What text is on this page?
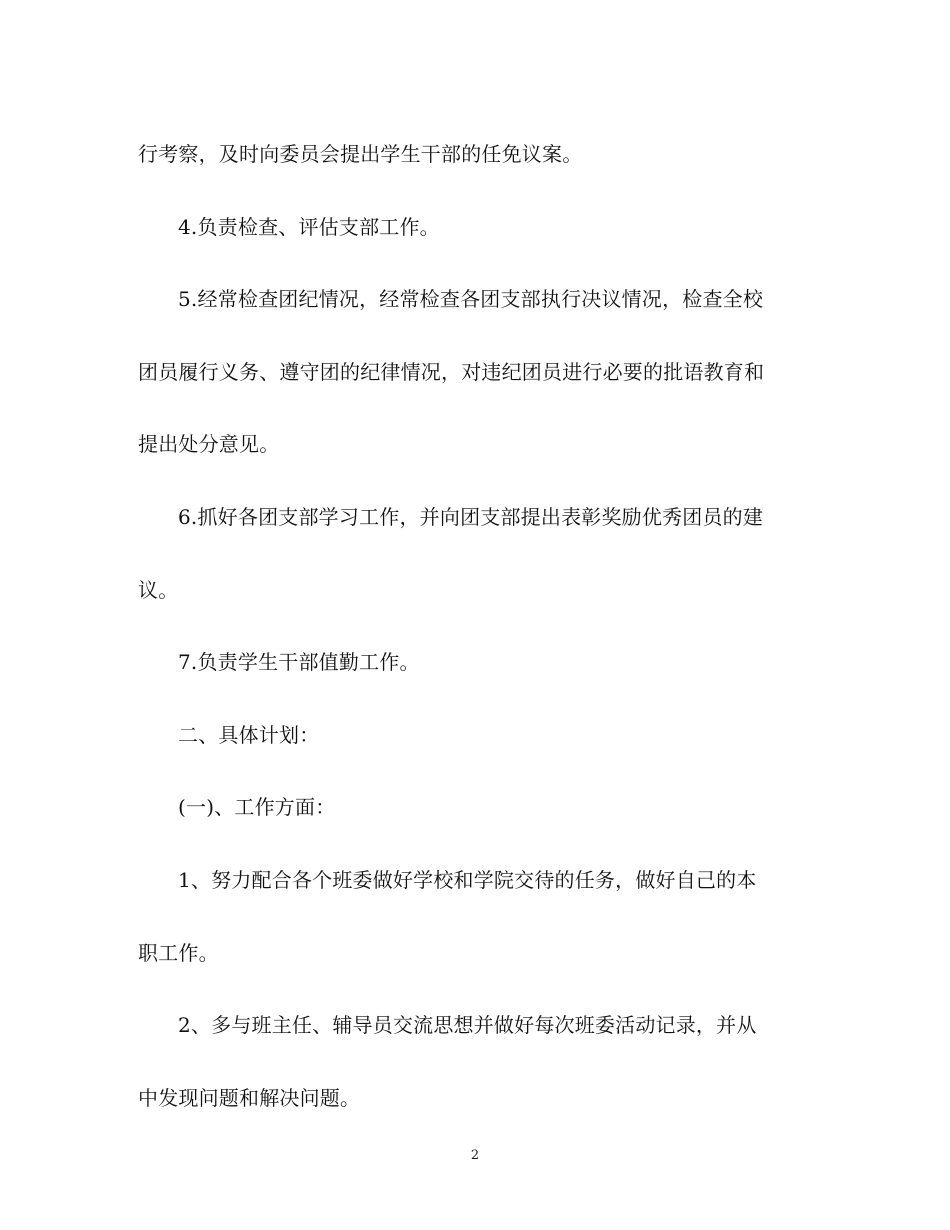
行考察，及时向委员会提出学生干部的任免议案。
4.负责检查、评估支部工作。
5.经常检查团纪情况，经常检查各团支部执行决议情况，检查全校
团员履行义务、遵守团的纪律情况，对违纪团员进行必要的批语教育和
提出处分意见。
6.抓好各团支部学习工作，并向团支部提出表彰奖励优秀团员的建
议。
7.负责学生干部值勤工作。
二、具体计划：
(一)、工作方面：
1、努力配合各个班委做好学校和学院交待的任务，做好自己的本
职工作。
2、多与班主任、辅导员交流思想并做好每次班委活动记录，并从
中发现问题和解决问题。
2
